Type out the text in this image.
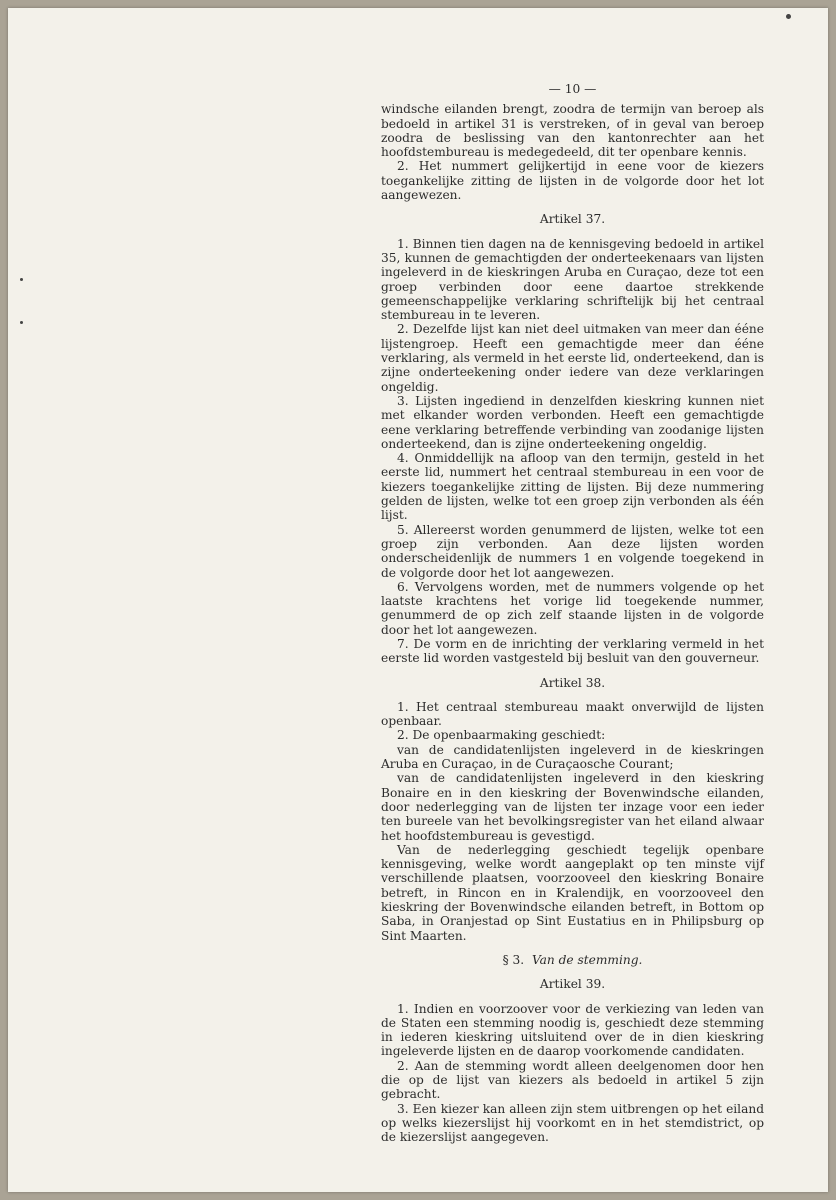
— 10 —

windsche eilanden brengt, zoodra de termijn van beroep als bedoeld in artikel 31 is verstreken, of in geval van beroep zoodra de beslissing van den kantonrechter aan het hoofdstembureau is medegedeeld, dit ter openbare kennis.

2. Het nummert gelijkertijd in eene voor de kiezers toegankelijke zitting de lijsten in de volgorde door het lot aangewezen.

Artikel 37.

1. Binnen tien dagen na de kennisgeving bedoeld in artikel 35, kunnen de gemachtigden der onderteekenaars van lijsten ingeleverd in de kieskringen Aruba en Curaçao, deze tot een groep verbinden door eene daartoe strekkende gemeenschappelijke verklaring schriftelijk bij het centraal stembureau in te leveren.

2. Dezelfde lijst kan niet deel uitmaken van meer dan ééne lijstengroep. Heeft een gemachtigde meer dan ééne verklaring, als vermeld in het eerste lid, onderteekend, dan is zijne onderteekening onder iedere van deze verklaringen ongeldig.

3. Lijsten ingediend in denzelfden kieskring kunnen niet met elkander worden verbonden. Heeft een gemachtigde eene verklaring betreffende verbinding van zoodanige lijsten onderteekend, dan is zijne onderteekening ongeldig.

4. Onmiddellijk na afloop van den termijn, gesteld in het eerste lid, nummert het centraal stembureau in een voor de kiezers toegankelijke zitting de lijsten. Bij deze nummering gelden de lijsten, welke tot een groep zijn verbonden als één lijst.

5. Allereerst worden genummerd de lijsten, welke tot een groep zijn verbonden. Aan deze lijsten worden onderscheidenlijk de nummers 1 en volgende toegekend in de volgorde door het lot aangewezen.

6. Vervolgens worden, met de nummers volgende op het laatste krachtens het vorige lid toegekende nummer, genummerd de op zich zelf staande lijsten in de volgorde door het lot aangewezen.

7. De vorm en de inrichting der verklaring vermeld in het eerste lid worden vastgesteld bij besluit van den gouverneur.

Artikel 38.

1. Het centraal stembureau maakt onverwijld de lijsten openbaar.

2. De openbaarmaking geschiedt:

van de candidatenlijsten ingeleverd in de kieskringen Aruba en Curaçao, in de Curaçaosche Courant;

van de candidatenlijsten ingeleverd in den kieskring Bonaire en in den kieskring der Bovenwindsche eilanden, door nederlegging van de lijsten ter inzage voor een ieder ten bureele van het bevolkingsregister van het eiland alwaar het hoofdstembureau is gevestigd.

Van de nederlegging geschiedt tegelijk openbare kennisgeving, welke wordt aangeplakt op ten minste vijf verschillende plaatsen, voorzooveel den kieskring Bonaire betreft, in Rincon en in Kralendijk, en voorzooveel den kieskring der Bovenwindsche eilanden betreft, in Bottom op Saba, in Oranjestad op Sint Eustatius en in Philipsburg op Sint Maarten.

§ 3. Van de stemming.
Artikel 39.

1. Indien en voorzoover voor de verkiezing van leden van de Staten een stemming noodig is, geschiedt deze stemming in iederen kieskring uitsluitend over de in dien kieskring ingeleverde lijsten en de daarop voorkomende candidaten.

2. Aan de stemming wordt alleen deelgenomen door hen die op de lijst van kiezers als bedoeld in artikel 5 zijn gebracht.

3. Een kiezer kan alleen zijn stem uitbrengen op het eiland op welks kiezerslijst hij voorkomt en in het stemdistrict, op de kiezerslijst aangegeven.
